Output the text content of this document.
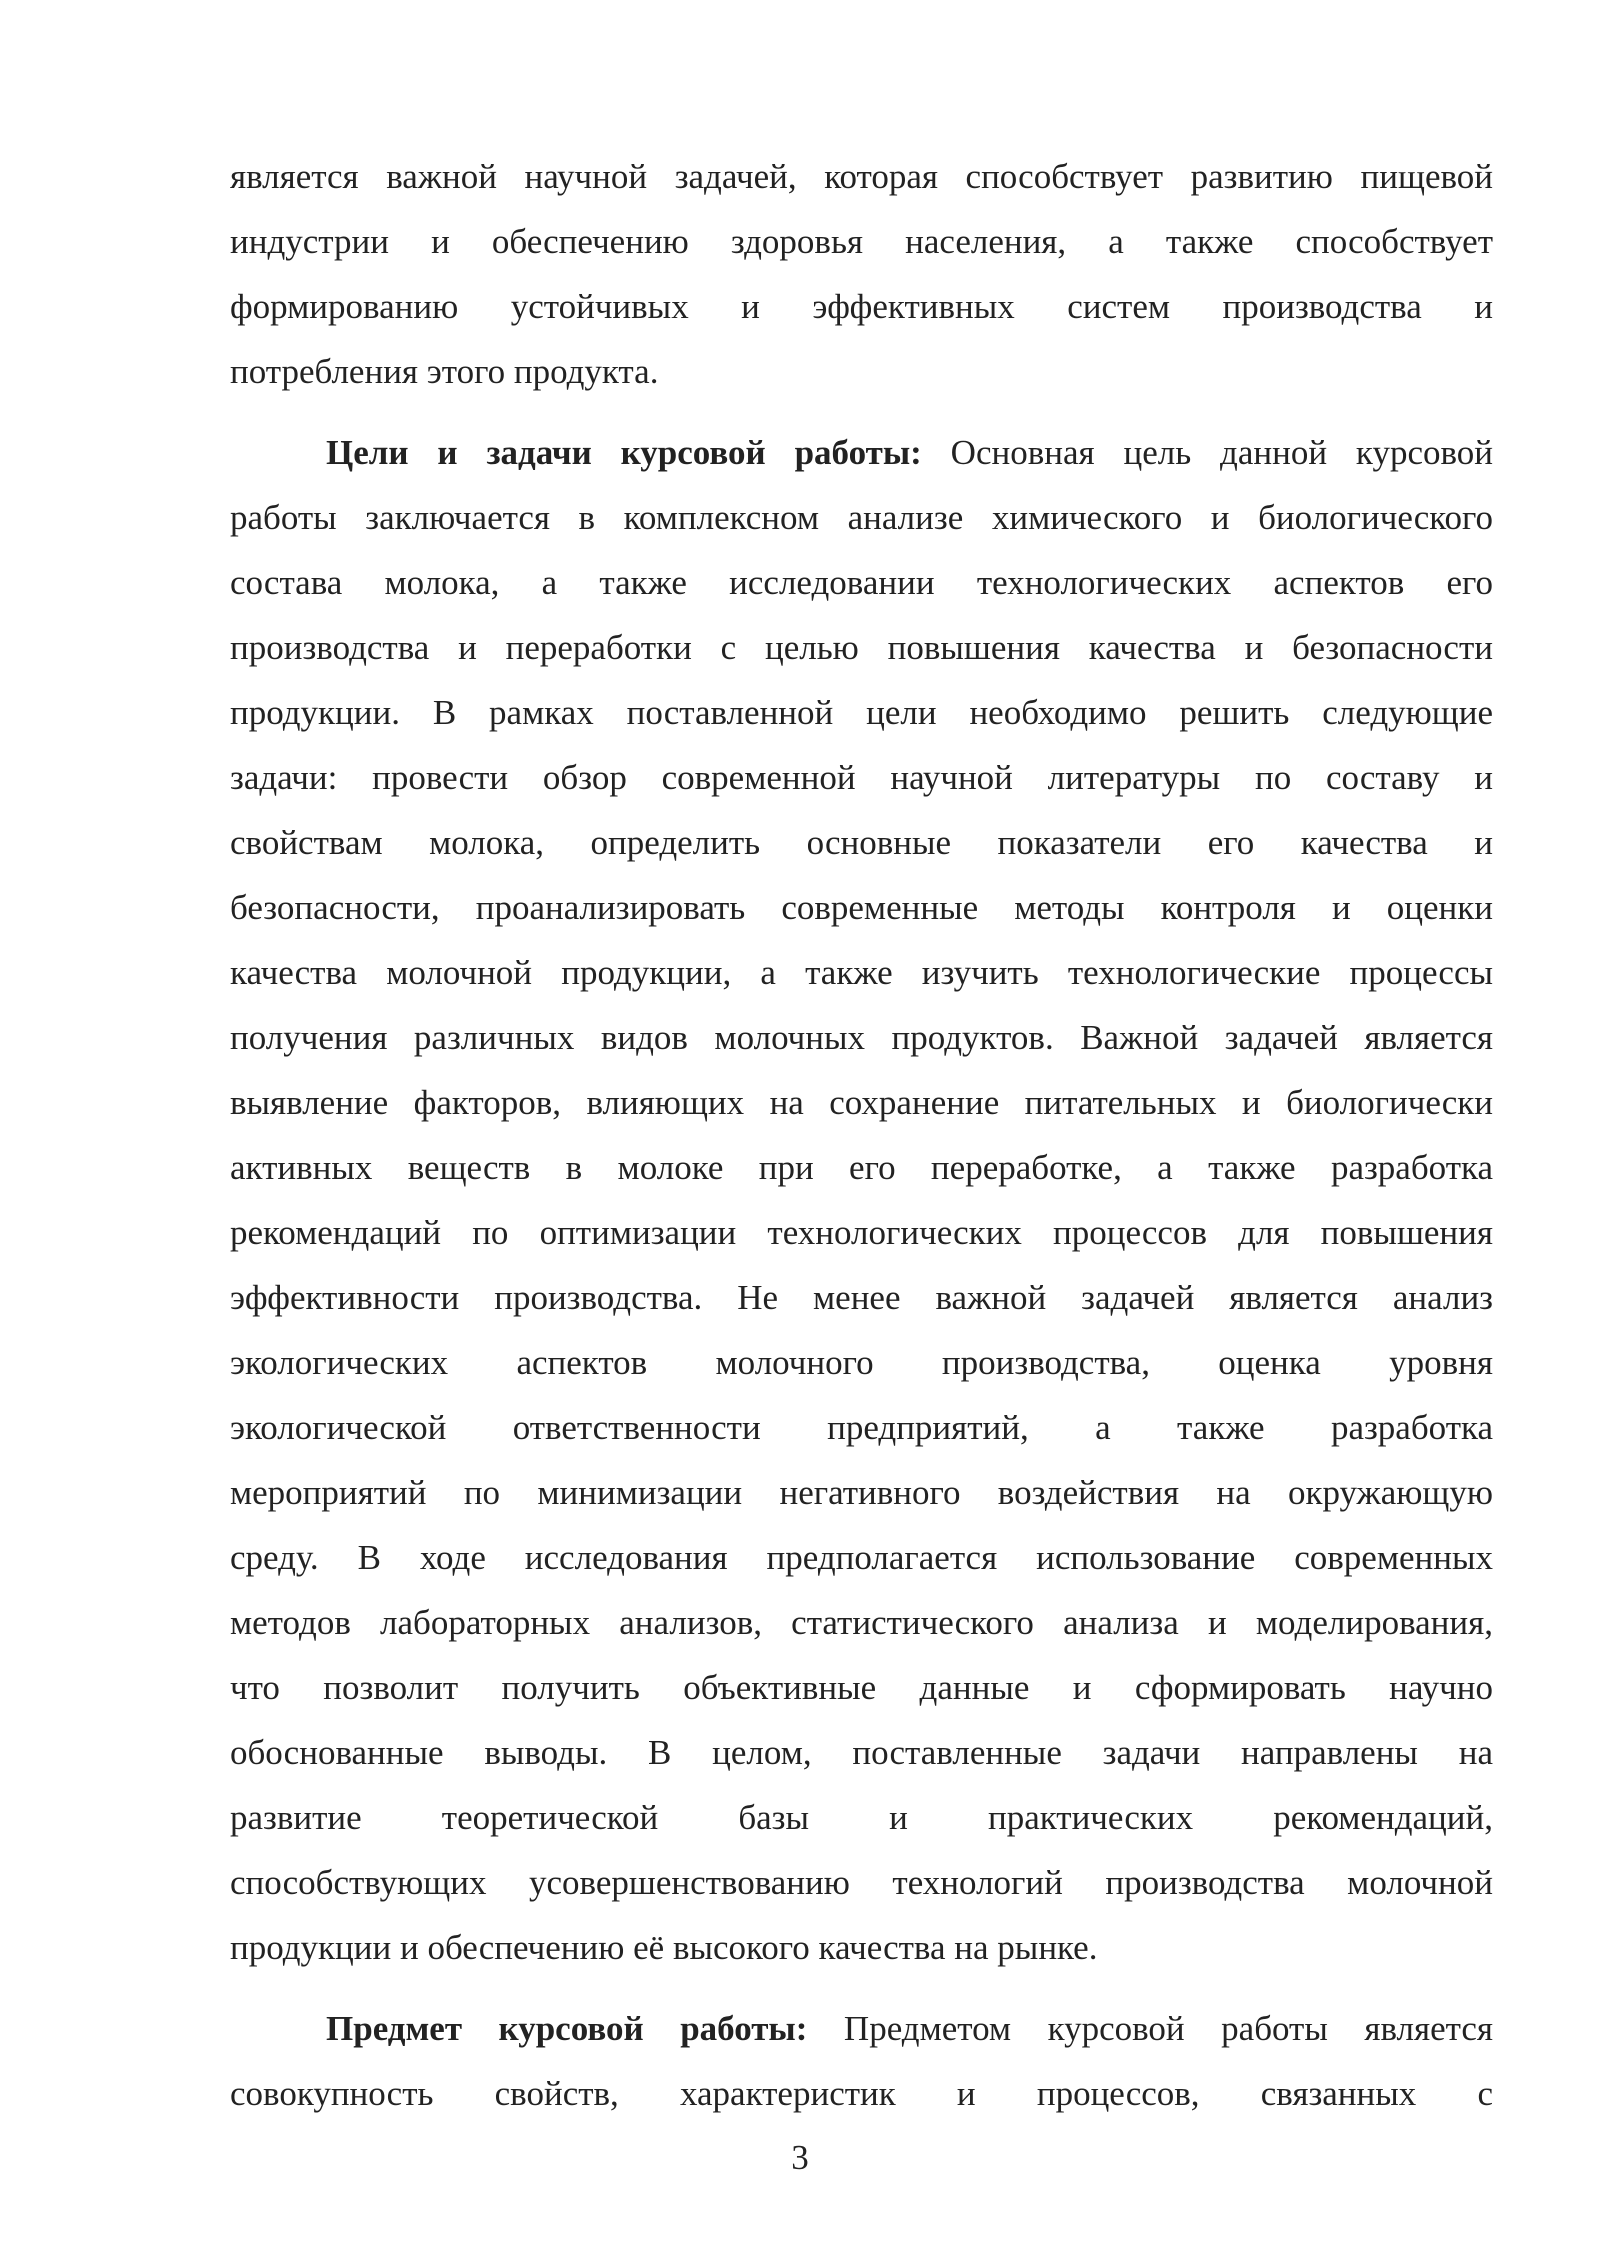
является важной научной задачей, которая способствует развитию пищевой
индустрии и обеспечению здоровья населения, а также способствует
формированию устойчивых и эффективных систем производства и
потребления этого продукта.
Цели и задачи курсовой работы: Основная цель данной курсовой
работы заключается в комплексном анализе химического и биологического
состава молока, а также исследовании технологических аспектов его
производства и переработки с целью повышения качества и безопасности
продукции. В рамках поставленной цели необходимо решить следующие
задачи: провести обзор современной научной литературы по составу и
свойствам молока, определить основные показатели его качества и
безопасности, проанализировать современные методы контроля и оценки
качества молочной продукции, а также изучить технологические процессы
получения различных видов молочных продуктов. Важной задачей является
выявление факторов, влияющих на сохранение питательных и биологически
активных веществ в молоке при его переработке, а также разработка
рекомендаций по оптимизации технологических процессов для повышения
эффективности производства. Не менее важной задачей является анализ
экологических аспектов молочного производства, оценка уровня
экологической ответственности предприятий, а также разработка
мероприятий по минимизации негативного воздействия на окружающую
среду. В ходе исследования предполагается использование современных
методов лабораторных анализов, статистического анализа и моделирования,
что позволит получить объективные данные и сформировать научно
обоснованные выводы. В целом, поставленные задачи направлены на
развитие теоретической базы и практических рекомендаций,
способствующих усовершенствованию технологий производства молочной
продукции и обеспечению её высокого качества на рынке.
Предмет курсовой работы: Предметом курсовой работы является
совокупность свойств, характеристик и процессов, связанных с
3
